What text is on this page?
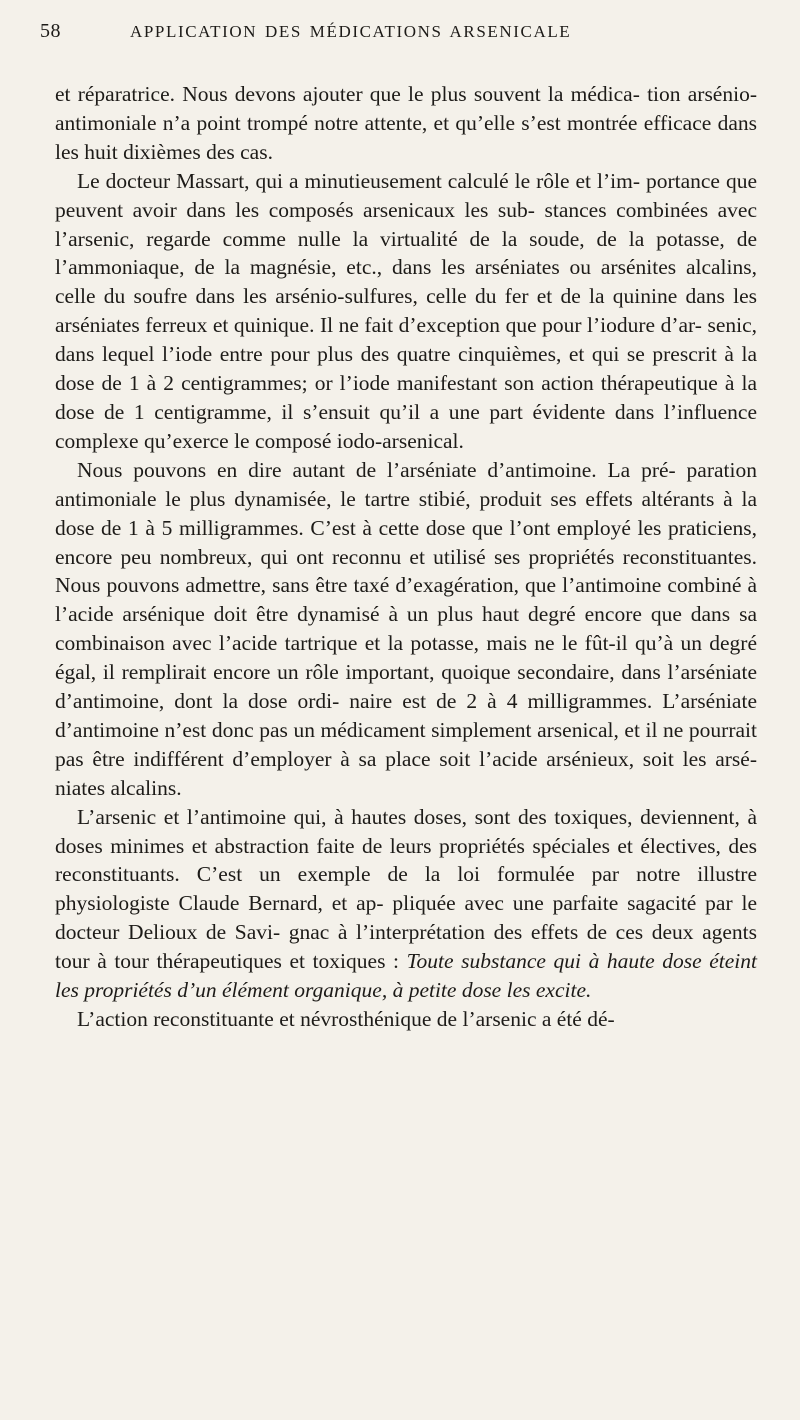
58	APPLICATION DES MÉDICATIONS ARSENICALE

et réparatrice. Nous devons ajouter que le plus souvent la médica- tion arsénio-antimoniale n’a point trompé notre attente, et qu’elle s’est montrée efficace dans les huit dixièmes des cas.

Le docteur Massart, qui a minutieusement calculé le rôle et l’im- portance que peuvent avoir dans les composés arsenicaux les sub- stances combinées avec l’arsenic, regarde comme nulle la virtualité de la soude, de la potasse, de l’ammoniaque, de la magnésie, etc., dans les arséniates ou arsénites alcalins, celle du soufre dans les arsénio-sulfures, celle du fer et de la quinine dans les arséniates ferreux et quinique. Il ne fait d’exception que pour l’iodure d’ar- senic, dans lequel l’iode entre pour plus des quatre cinquièmes, et qui se prescrit à la dose de 1 à 2 centigrammes; or l’iode manifestant son action thérapeutique à la dose de 1 centigramme, il s’ensuit qu’il a une part évidente dans l’influence complexe qu’exerce le composé iodo-arsenical.

Nous pouvons en dire autant de l’arséniate d’antimoine. La pré- paration antimoniale le plus dynamisée, le tartre stibié, produit ses effets altérants à la dose de 1 à 5 milligrammes. C’est à cette dose que l’ont employé les praticiens, encore peu nombreux, qui ont reconnu et utilisé ses propriétés reconstituantes. Nous pouvons admettre, sans être taxé d’exagération, que l’antimoine combiné à l’acide arsénique doit être dynamisé à un plus haut degré encore que dans sa combinaison avec l’acide tartrique et la potasse, mais ne le fût-il qu’à un degré égal, il remplirait encore un rôle important, quoique secondaire, dans l’arséniate d’antimoine, dont la dose ordi- naire est de 2 à 4 milligrammes. L’arséniate d’antimoine n’est donc pas un médicament simplement arsenical, et il ne pourrait pas être indifférent d’employer à sa place soit l’acide arsénieux, soit les arsé- niates alcalins.

L’arsenic et l’antimoine qui, à hautes doses, sont des toxiques, deviennent, à doses minimes et abstraction faite de leurs propriétés spéciales et électives, des reconstituants. C’est un exemple de la loi formulée par notre illustre physiologiste Claude Bernard, et ap- pliquée avec une parfaite sagacité par le docteur Delioux de Savi- gnac à l’interprétation des effets de ces deux agents tour à tour thérapeutiques et toxiques : Toute substance qui à haute dose éteint les propriétés d’un élément organique, à petite dose les excite.

L’action reconstituante et névrosthénique de l’arsenic a été dé-
